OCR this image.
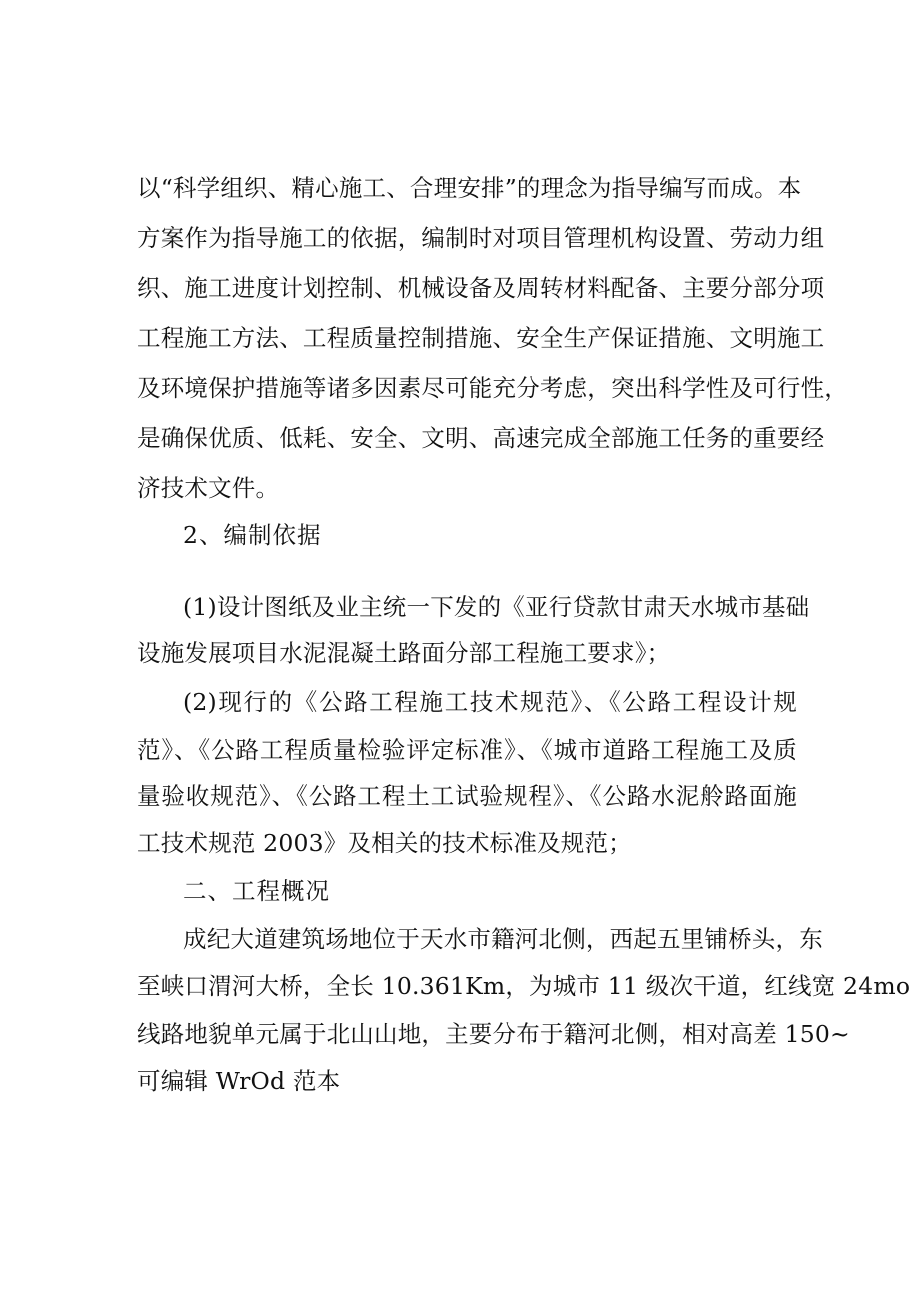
以“科学组织、精心施工、合理安排”的理念为指导编写而成。本
方案作为指导施工的依据，编制时对项目管理机构设置、劳动力组
织、施工进度计划控制、机械设备及周转材料配备、主要分部分项
工程施工方法、工程质量控制措施、安全生产保证措施、文明施工
及环境保护措施等诸多因素尽可能充分考虑，突出科学性及可行性，
是确保优质、低耗、安全、文明、高速完成全部施工任务的重要经
济技术文件。
2、编制依据
(1)设计图纸及业主统一下发的《亚行贷款甘肃天水城市基础
设施发展项目水泥混凝土路面分部工程施工要求》；
(2)现行的《公路工程施工技术规范》、《公路工程设计规
范》、《公路工程质量检验评定标准》、《城市道路工程施工及质
量验收规范》、《公路工程土工试验规程》、《公路水泥舲路面施
工技术规范 2003》及相关的技术标准及规范；
二、工程概况
成纪大道建筑场地位于天水市籍河北侧，西起五里铺桥头，东
至峡口渭河大桥，全长 10.361Km，为城市 11 级次干道，红线宽 24mo
线路地貌单元属于北山山地，主要分布于籍河北侧，相对高差 150~
可编辑 WrOd 范本
